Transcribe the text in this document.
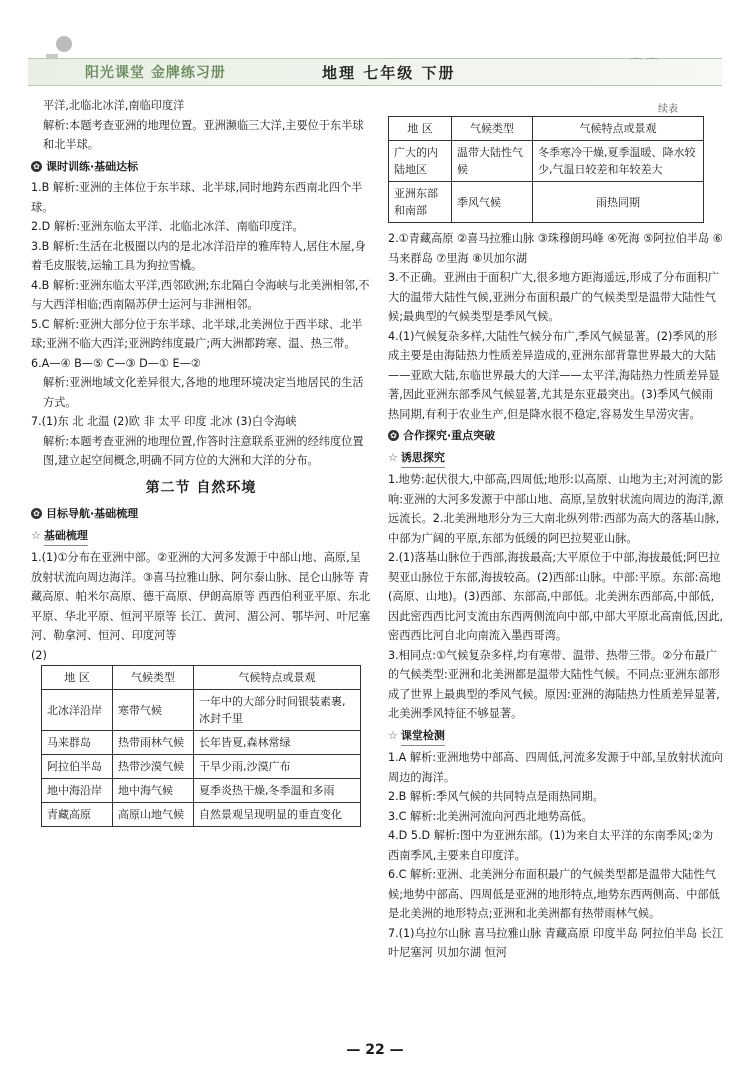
阳光课堂 金牌练习册	地理 七年级 下册	⌒ ⌒

平洋,北临北冰洋,南临印度洋

解析:本题考查亚洲的地理位置。亚洲濒临三大洋,主要位于东半球和北半球。

✿ 课时训练·基础达标

1.B 解析:亚洲的主体位于东半球、北半球,同时地跨东西南北四个半球。

2.D 解析:亚洲东临太平洋、北临北冰洋、南临印度洋。

3.B 解析:生活在北极圈以内的是北冰洋沿岸的雅库特人,居住木屋,身着毛皮服装,运输工具为狗拉雪橇。

4.B 解析:亚洲东临太平洋,西邻欧洲;东北隔白令海峡与北美洲相邻,不与大西洋相临;西南隔苏伊士运河与非洲相邻。

5.C 解析:亚洲大部分位于东半球、北半球,北美洲位于西半球、北半球;亚洲不临大西洋;亚洲跨纬度最广;两大洲都跨寒、温、热三带。

6.A—④ B—⑤ C—③ D—① E—②

解析:亚洲地域文化差异很大,各地的地理环境决定当地居民的生活方式。

7.(1)东 北 北温 (2)欧 非 太平 印度 北冰 (3)白令海峡

解析:本题考查亚洲的地理位置,作答时注意联系亚洲的经纬度位置图,建立起空间概念,明确不同方位的大洲和大洋的分布。

第二节 自然环境
✿ 目标导航·基础梳理
☆ 基础梳理

1.(1)①分布在亚洲中部。②亚洲的大河多发源于中部山地、高原,呈放射状流向周边海洋。③喜马拉雅山脉、阿尔泰山脉、昆仑山脉等 青藏高原、帕米尔高原、德干高原、伊朗高原等 西西伯利亚平原、东北平原、华北平原、恒河平原等 长江、黄河、湄公河、鄂毕河、叶尼塞河、勒拿河、恒河、印度河等

(2)

地 区	气候类型	气候特点或景观
北冰洋沿岸	寒带气候	一年中的大部分时间银装素裹,冰封千里
马来群岛	热带雨林气候	长年皆夏,森林常绿
阿拉伯半岛	热带沙漠气候	干旱少雨,沙漠广布
地中海沿岸	地中海气候	夏季炎热干燥,冬季温和多雨
青藏高原	高原山地气候	自然景观呈现明显的垂直变化
续表
地 区	气候类型	气候特点或景观
广大的内陆地区	温带大陆性气候	冬季寒冷干燥,夏季温暖、降水较少,气温日较差和年较差大
亚洲东部和南部	季风气候	雨热同期

2.①青藏高原 ②喜马拉雅山脉 ③珠穆朗玛峰 ④死海 ⑤阿拉伯半岛 ⑥马来群岛 ⑦里海 ⑧贝加尔湖

3.不正确。亚洲由于面积广大,很多地方距海遥远,形成了分布面积广大的温带大陆性气候,亚洲分布面积最广的气候类型是温带大陆性气候;最典型的气候类型是季风气候。

4.(1)气候复杂多样,大陆性气候分布广,季风气候显著。(2)季风的形成主要是由海陆热力性质差异造成的,亚洲东部背靠世界最大的大陆——亚欧大陆,东临世界最大的大洋——太平洋,海陆热力性质差异显著,因此亚洲东部季风气候显著,尤其是东亚最突出。(3)季风气候雨热同期,有利于农业生产,但是降水很不稳定,容易发生旱涝灾害。

✿ 合作探究·重点突破
☆ 诱思探究

1.地势:起伏很大,中部高,四周低;地形:以高原、山地为主;对河流的影响:亚洲的大河多发源于中部山地、高原,呈放射状流向周边的海洋,源远流长。2.北美洲地形分为三大南北纵列带:西部为高大的落基山脉,中部为广阔的平原,东部为低缓的阿巴拉契亚山脉。

2.(1)落基山脉位于西部,海拔最高;大平原位于中部,海拔最低;阿巴拉契亚山脉位于东部,海拔较高。(2)西部:山脉。中部:平原。东部:高地(高原、山地)。(3)西部、东部高,中部低。北美洲东西部高,中部低,因此密西西比河支流由东西两侧流向中部,中部大平原北高南低,因此,密西西比河自北向南流入墨西哥湾。

3.相同点:①气候复杂多样,均有寒带、温带、热带三带。②分布最广的气候类型:亚洲和北美洲都是温带大陆性气候。不同点:亚洲东部形成了世界上最典型的季风气候。原因:亚洲的海陆热力性质差异显著,北美洲季风特征不够显著。

☆ 课堂检测

1.A 解析:亚洲地势中部高、四周低,河流多发源于中部,呈放射状流向周边的海洋。

2.B 解析:季风气候的共同特点是雨热同期。

3.C 解析:北美洲河流向河西北地势高低。

4.D 5.D 解析:图中为亚洲东部。(1)为来自太平洋的东南季风;②为西南季风,主要来自印度洋。

6.C 解析:亚洲、北美洲分布面积最广的气候类型都是温带大陆性气候;地势中部高、四周低是亚洲的地形特点,地势东西两侧高、中部低是北美洲的地形特点;亚洲和北美洲都有热带雨林气候。

7.(1)乌拉尔山脉 喜马拉雅山脉 青藏高原 印度半岛 阿拉伯半岛 长江 叶尼塞河 贝加尔湖 恒河

— 22 —
